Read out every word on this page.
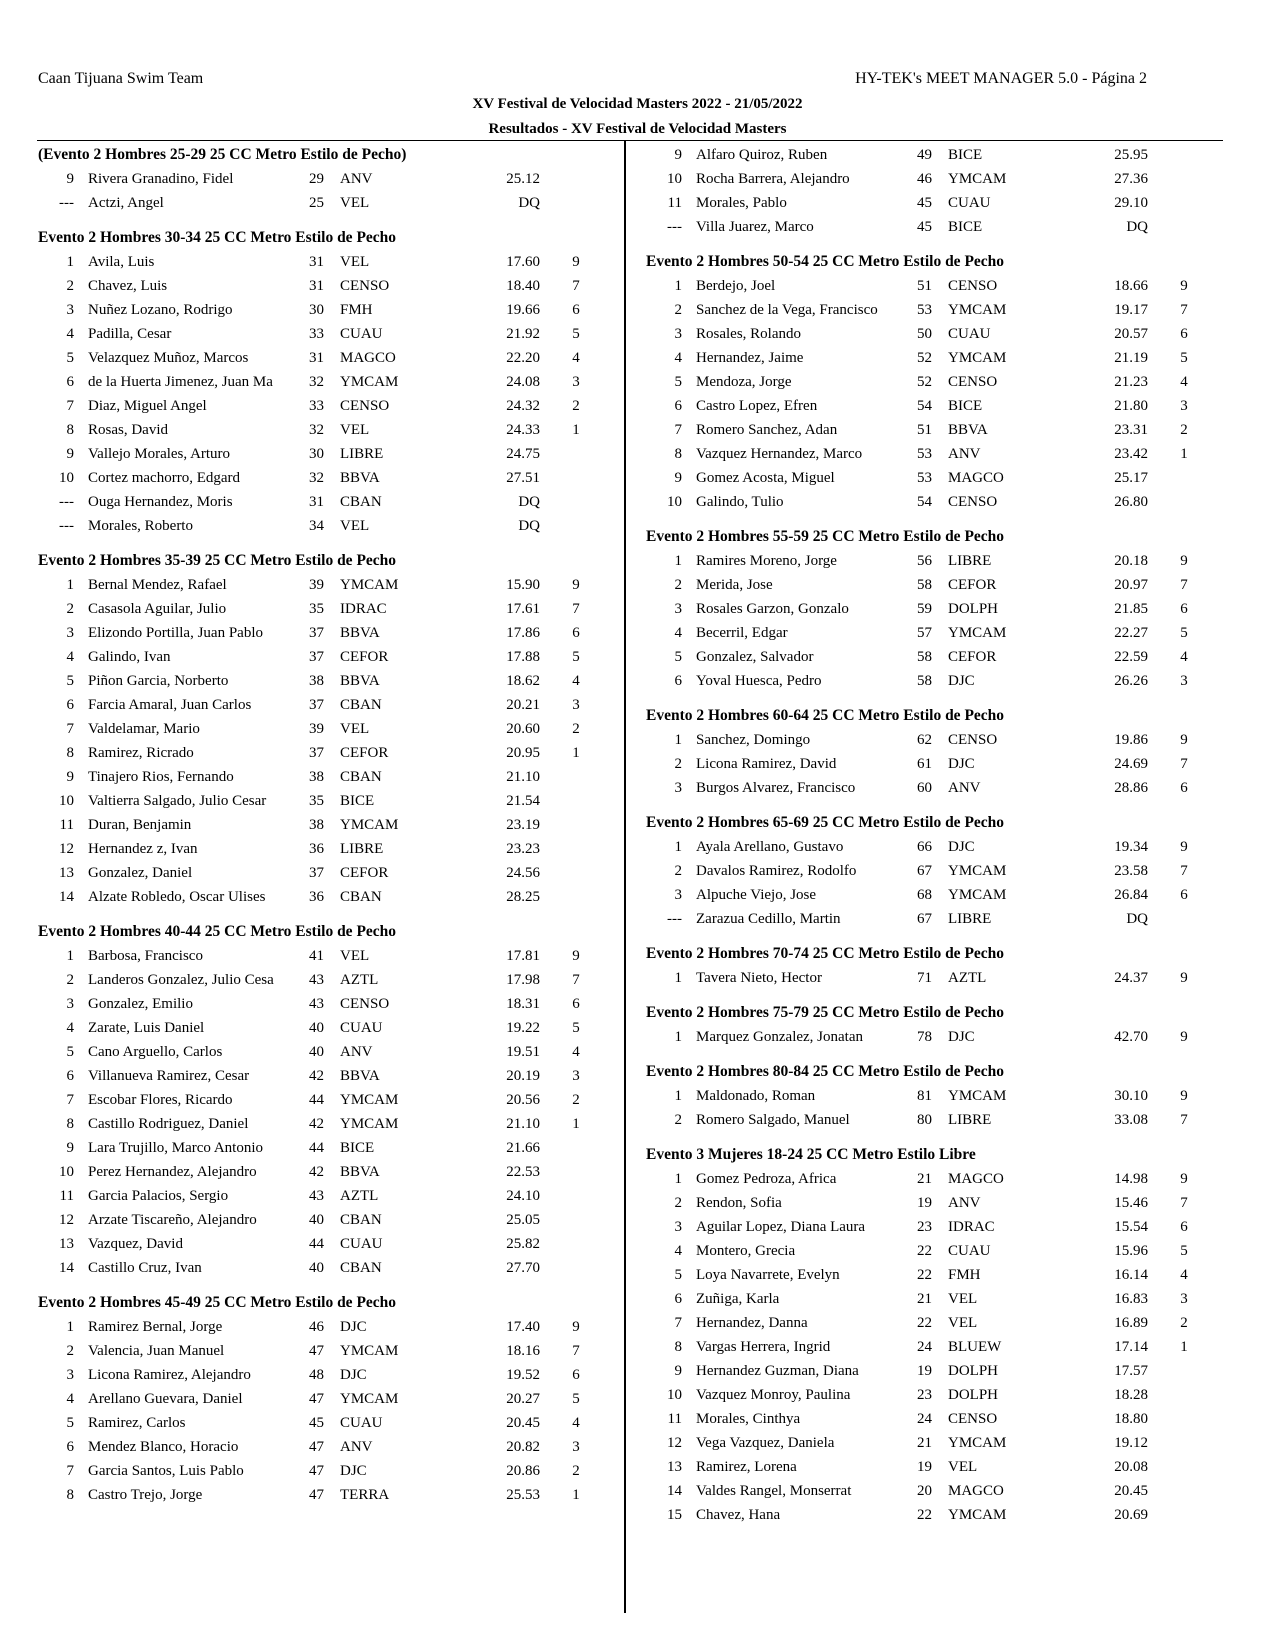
Caan Tijuana Swim Team	HY-TEK's MEET MANAGER 5.0 - Página 2
XV Festival de Velocidad Masters 2022 - 21/05/2022
Resultados - XV Festival de Velocidad Masters
(Evento 2 Hombres 25-29 25 CC Metro Estilo de Pecho)
9 Rivera Granadino, Fidel	29 ANV	25.12
--- Actzi, Angel	25 VEL	DQ
Evento 2 Hombres 30-34 25 CC Metro Estilo de Pecho
1 Avila, Luis	31 VEL	17.60	9
2 Chavez, Luis	31 CENSO	18.40	7
3 Nuñez Lozano, Rodrigo	30 FMH	19.66	6
4 Padilla, Cesar	33 CUAU	21.92	5
5 Velazquez Muñoz, Marcos	31 MAGCO	22.20	4
6 de la Huerta Jimenez, Juan Ma	32 YMCAM	24.08	3
7 Diaz, Miguel Angel	33 CENSO	24.32	2
8 Rosas, David	32 VEL	24.33	1
9 Vallejo Morales, Arturo	30 LIBRE	24.75
10 Cortez machorro, Edgard	32 BBVA	27.51
--- Ouga Hernandez, Moris	31 CBAN	DQ
--- Morales, Roberto	34 VEL	DQ
Evento 2 Hombres 35-39 25 CC Metro Estilo de Pecho
1 Bernal Mendez, Rafael	39 YMCAM	15.90	9
2 Casasola Aguilar, Julio	35 IDRAC	17.61	7
3 Elizondo Portilla, Juan Pablo	37 BBVA	17.86	6
4 Galindo, Ivan	37 CEFOR	17.88	5
5 Piñon Garcia, Norberto	38 BBVA	18.62	4
6 Farcia Amaral, Juan Carlos	37 CBAN	20.21	3
7 Valdelamar, Mario	39 VEL	20.60	2
8 Ramirez, Ricrado	37 CEFOR	20.95	1
9 Tinajero Rios, Fernando	38 CBAN	21.10
10 Valtierra Salgado, Julio Cesar	35 BICE	21.54
11 Duran, Benjamin	38 YMCAM	23.19
12 Hernandez z, Ivan	36 LIBRE	23.23
13 Gonzalez, Daniel	37 CEFOR	24.56
14 Alzate Robledo, Oscar Ulises	36 CBAN	28.25
Evento 2 Hombres 40-44 25 CC Metro Estilo de Pecho
1 Barbosa, Francisco	41 VEL	17.81	9
2 Landeros Gonzalez, Julio Cesa	43 AZTL	17.98	7
3 Gonzalez, Emilio	43 CENSO	18.31	6
4 Zarate, Luis Daniel	40 CUAU	19.22	5
5 Cano Arguello, Carlos	40 ANV	19.51	4
6 Villanueva Ramirez, Cesar	42 BBVA	20.19	3
7 Escobar Flores, Ricardo	44 YMCAM	20.56	2
8 Castillo Rodriguez, Daniel	42 YMCAM	21.10	1
9 Lara Trujillo, Marco Antonio	44 BICE	21.66
10 Perez Hernandez, Alejandro	42 BBVA	22.53
11 Garcia Palacios, Sergio	43 AZTL	24.10
12 Arzate Tiscareño, Alejandro	40 CBAN	25.05
13 Vazquez, David	44 CUAU	25.82
14 Castillo Cruz, Ivan	40 CBAN	27.70
Evento 2 Hombres 45-49 25 CC Metro Estilo de Pecho
1 Ramirez Bernal, Jorge	46 DJC	17.40	9
2 Valencia, Juan Manuel	47 YMCAM	18.16	7
3 Licona Ramirez, Alejandro	48 DJC	19.52	6
4 Arellano Guevara, Daniel	47 YMCAM	20.27	5
5 Ramirez, Carlos	45 CUAU	20.45	4
6 Mendez Blanco, Horacio	47 ANV	20.82	3
7 Garcia Santos, Luis Pablo	47 DJC	20.86	2
8 Castro Trejo, Jorge	47 TERRA	25.53	1
9 Alfaro Quiroz, Ruben	49 BICE	25.95
10 Rocha Barrera, Alejandro	46 YMCAM	27.36
11 Morales, Pablo	45 CUAU	29.10
--- Villa Juarez, Marco	45 BICE	DQ
Evento 2 Hombres 50-54 25 CC Metro Estilo de Pecho
1 Berdejo, Joel	51 CENSO	18.66	9
2 Sanchez de la Vega, Francisco	53 YMCAM	19.17	7
3 Rosales, Rolando	50 CUAU	20.57	6
4 Hernandez, Jaime	52 YMCAM	21.19	5
5 Mendoza, Jorge	52 CENSO	21.23	4
6 Castro Lopez, Efren	54 BICE	21.80	3
7 Romero Sanchez, Adan	51 BBVA	23.31	2
8 Vazquez Hernandez, Marco	53 ANV	23.42	1
9 Gomez Acosta, Miguel	53 MAGCO	25.17
10 Galindo, Tulio	54 CENSO	26.80
Evento 2 Hombres 55-59 25 CC Metro Estilo de Pecho
1 Ramires Moreno, Jorge	56 LIBRE	20.18	9
2 Merida, Jose	58 CEFOR	20.97	7
3 Rosales Garzon, Gonzalo	59 DOLPH	21.85	6
4 Becerril, Edgar	57 YMCAM	22.27	5
5 Gonzalez, Salvador	58 CEFOR	22.59	4
6 Yoval Huesca, Pedro	58 DJC	26.26	3
Evento 2 Hombres 60-64 25 CC Metro Estilo de Pecho
1 Sanchez, Domingo	62 CENSO	19.86	9
2 Licona Ramirez, David	61 DJC	24.69	7
3 Burgos Alvarez, Francisco	60 ANV	28.86	6
Evento 2 Hombres 65-69 25 CC Metro Estilo de Pecho
1 Ayala Arellano, Gustavo	66 DJC	19.34	9
2 Davalos Ramirez, Rodolfo	67 YMCAM	23.58	7
3 Alpuche Viejo, Jose	68 YMCAM	26.84	6
--- Zarazua Cedillo, Martin	67 LIBRE	DQ
Evento 2 Hombres 70-74 25 CC Metro Estilo de Pecho
1 Tavera Nieto, Hector	71 AZTL	24.37	9
Evento 2 Hombres 75-79 25 CC Metro Estilo de Pecho
1 Marquez Gonzalez, Jonatan	78 DJC	42.70	9
Evento 2 Hombres 80-84 25 CC Metro Estilo de Pecho
1 Maldonado, Roman	81 YMCAM	30.10	9
2 Romero Salgado, Manuel	80 LIBRE	33.08	7
Evento 3 Mujeres 18-24 25 CC Metro Estilo Libre
1 Gomez Pedroza, Africa	21 MAGCO	14.98	9
2 Rendon, Sofia	19 ANV	15.46	7
3 Aguilar Lopez, Diana Laura	23 IDRAC	15.54	6
4 Montero, Grecia	22 CUAU	15.96	5
5 Loya Navarrete, Evelyn	22 FMH	16.14	4
6 Zuñiga, Karla	21 VEL	16.83	3
7 Hernandez, Danna	22 VEL	16.89	2
8 Vargas Herrera, Ingrid	24 BLUEW	17.14	1
9 Hernandez Guzman, Diana	19 DOLPH	17.57
10 Vazquez Monroy, Paulina	23 DOLPH	18.28
11 Morales, Cinthya	24 CENSO	18.80
12 Vega Vazquez, Daniela	21 YMCAM	19.12
13 Ramirez, Lorena	19 VEL	20.08
14 Valdes Rangel, Monserrat	20 MAGCO	20.45
15 Chavez, Hana	22 YMCAM	20.69
